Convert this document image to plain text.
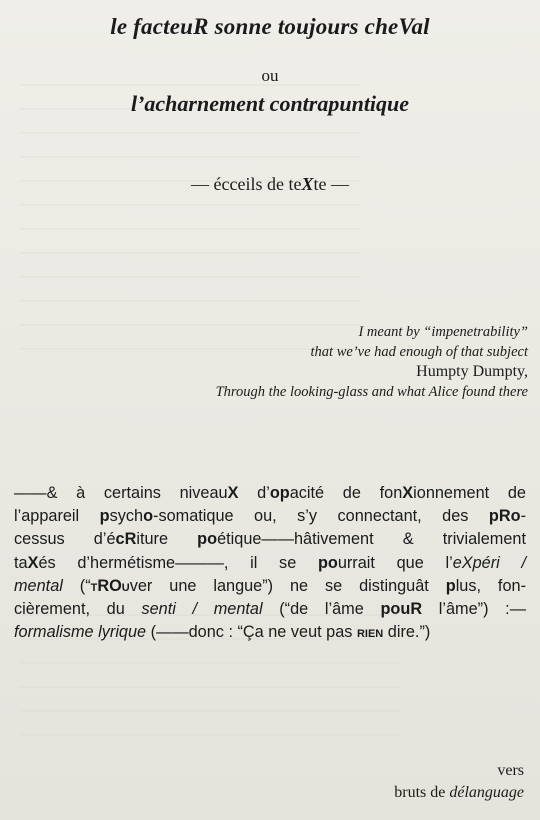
le facteuR sonne toujours cheVal
ou
l’acharnement contrapuntique
— écceils de teXte —
I meant by “impenetrability”
that we’ve had enough of that subject
Humpty Dumpty,
Through the looking-glass and what Alice found there
——& à certains niveauX d’opacité de fonXionnement de
l’appareil psycho-somatique ou, s’y connectant, des pRo-
cessus d’écRiture poétique——hâtivement & trivialement
taXés d’hermétisme———, il se pourrait que l’eXpéri /
mental (“tROuver une langue”) ne se distinguât plus, fon-
cièrement, du senti / mental (“de l’âme pouR l’âme”) :—
formalisme lyrique (——donc : “Ça ne veut pas rien dire.”)
vers
bruts de délanguage
